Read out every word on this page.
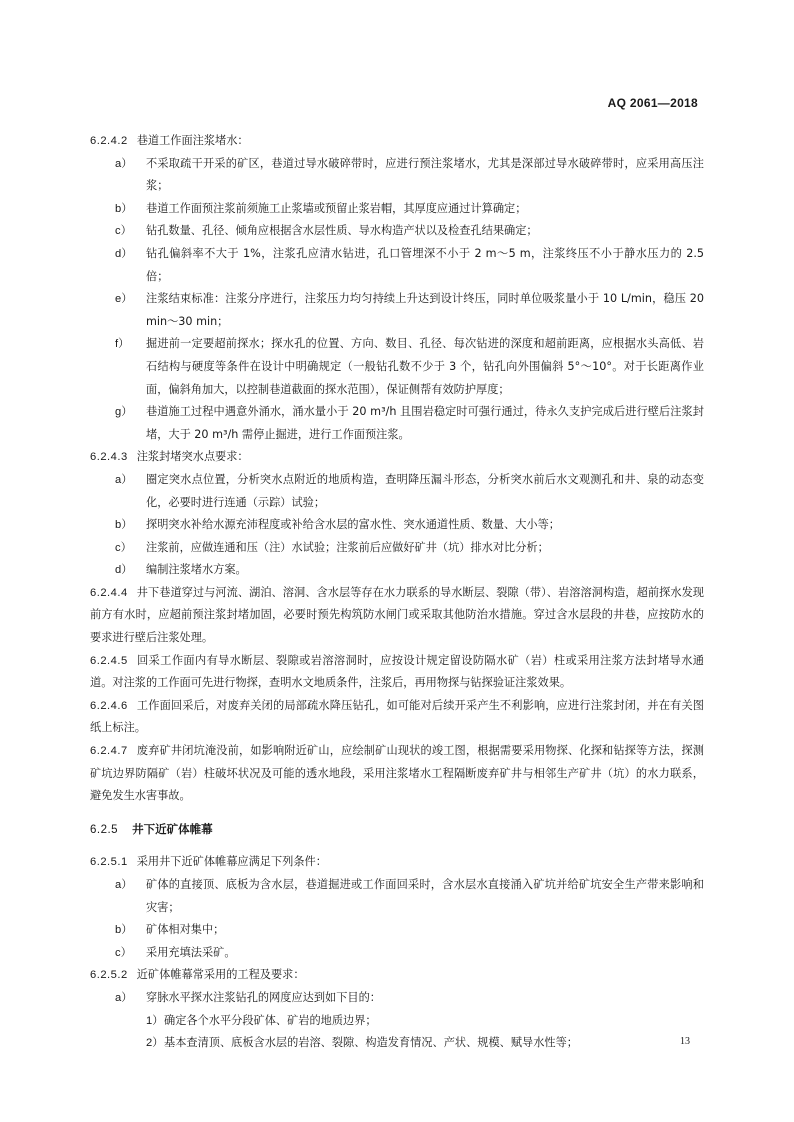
AQ 2061—2018

6.2.4.2 巷道工作面注浆堵水：

a） 不采取疏干开采的矿区，巷道过导水破碎带时，应进行预注浆堵水，尤其是深部过导水破碎带时，应采用高压注浆；

b） 巷道工作面预注浆前须施工止浆墙或预留止浆岩帽，其厚度应通过计算确定；

c） 钻孔数量、孔径、倾角应根据含水层性质、导水构造产状以及检查孔结果确定；

d） 钻孔偏斜率不大于 1%，注浆孔应清水钻进，孔口管埋深不小于 2 m～5 m，注浆终压不小于静水压力的 2.5 倍；

e） 注浆结束标准：注浆分序进行，注浆压力均匀持续上升达到设计终压，同时单位吸浆量小于 10 L/min，稳压 20 min～30 min；

f） 掘进前一定要超前探水；探水孔的位置、方向、数目、孔径、每次钻进的深度和超前距离，应根据水头高低、岩石结构与硬度等条件在设计中明确规定（一般钻孔数不少于 3 个，钻孔向外围偏斜 5°～10°。对于长距离作业面，偏斜角加大，以控制巷道截面的探水范围），保证侧帮有效防护厚度；

g） 巷道施工过程中遇意外涌水，涌水量小于 20 m³/h 且围岩稳定时可强行通过，待永久支护完成后进行壁后注浆封堵，大于 20 m³/h 需停止掘进，进行工作面预注浆。

6.2.4.3 注浆封堵突水点要求：

a） 圈定突水点位置，分析突水点附近的地质构造，查明降压漏斗形态，分析突水前后水文观测孔和井、泉的动态变化，必要时进行连通（示踪）试验；

b） 探明突水补给水源充沛程度或补给含水层的富水性、突水通道性质、数量、大小等；

c） 注浆前，应做连通和压（注）水试验；注浆前后应做好矿井（坑）排水对比分析；

d） 编制注浆堵水方案。

6.2.4.4 井下巷道穿过与河流、湖泊、溶洞、含水层等存在水力联系的导水断层、裂隙（带）、岩溶溶洞构造，超前探水发现前方有水时，应超前预注浆封堵加固，必要时预先构筑防水闸门或采取其他防治水措施。穿过含水层段的井巷，应按防水的要求进行壁后注浆处理。

6.2.4.5 回采工作面内有导水断层、裂隙或岩溶溶洞时，应按设计规定留设防隔水矿（岩）柱或采用注浆方法封堵导水通道。对注浆的工作面可先进行物探，查明水文地质条件，注浆后，再用物探与钻探验证注浆效果。

6.2.4.6 工作面回采后，对废弃关闭的局部疏水降压钻孔，如可能对后续开采产生不利影响，应进行注浆封闭，并在有关图纸上标注。

6.2.4.7 废弃矿井闭坑淹没前，如影响附近矿山，应绘制矿山现状的竣工图，根据需要采用物探、化探和钻探等方法，探测矿坑边界防隔矿（岩）柱破坏状况及可能的透水地段，采用注浆堵水工程隔断废弃矿井与相邻生产矿井（坑）的水力联系，避免发生水害事故。

6.2.5 井下近矿体帷幕

6.2.5.1 采用井下近矿体帷幕应满足下列条件：

a） 矿体的直接顶、底板为含水层，巷道掘进或工作面回采时，含水层水直接涌入矿坑并给矿坑安全生产带来影响和灾害；

b） 矿体相对集中；

c） 采用充填法采矿。

6.2.5.2 近矿体帷幕常采用的工程及要求：

a） 穿脉水平探水注浆钻孔的网度应达到如下目的：

1） 确定各个水平分段矿体、矿岩的地质边界；

2） 基本查清顶、底板含水层的岩溶、裂隙、构造发育情况、产状、规模、赋导水性等；	13
